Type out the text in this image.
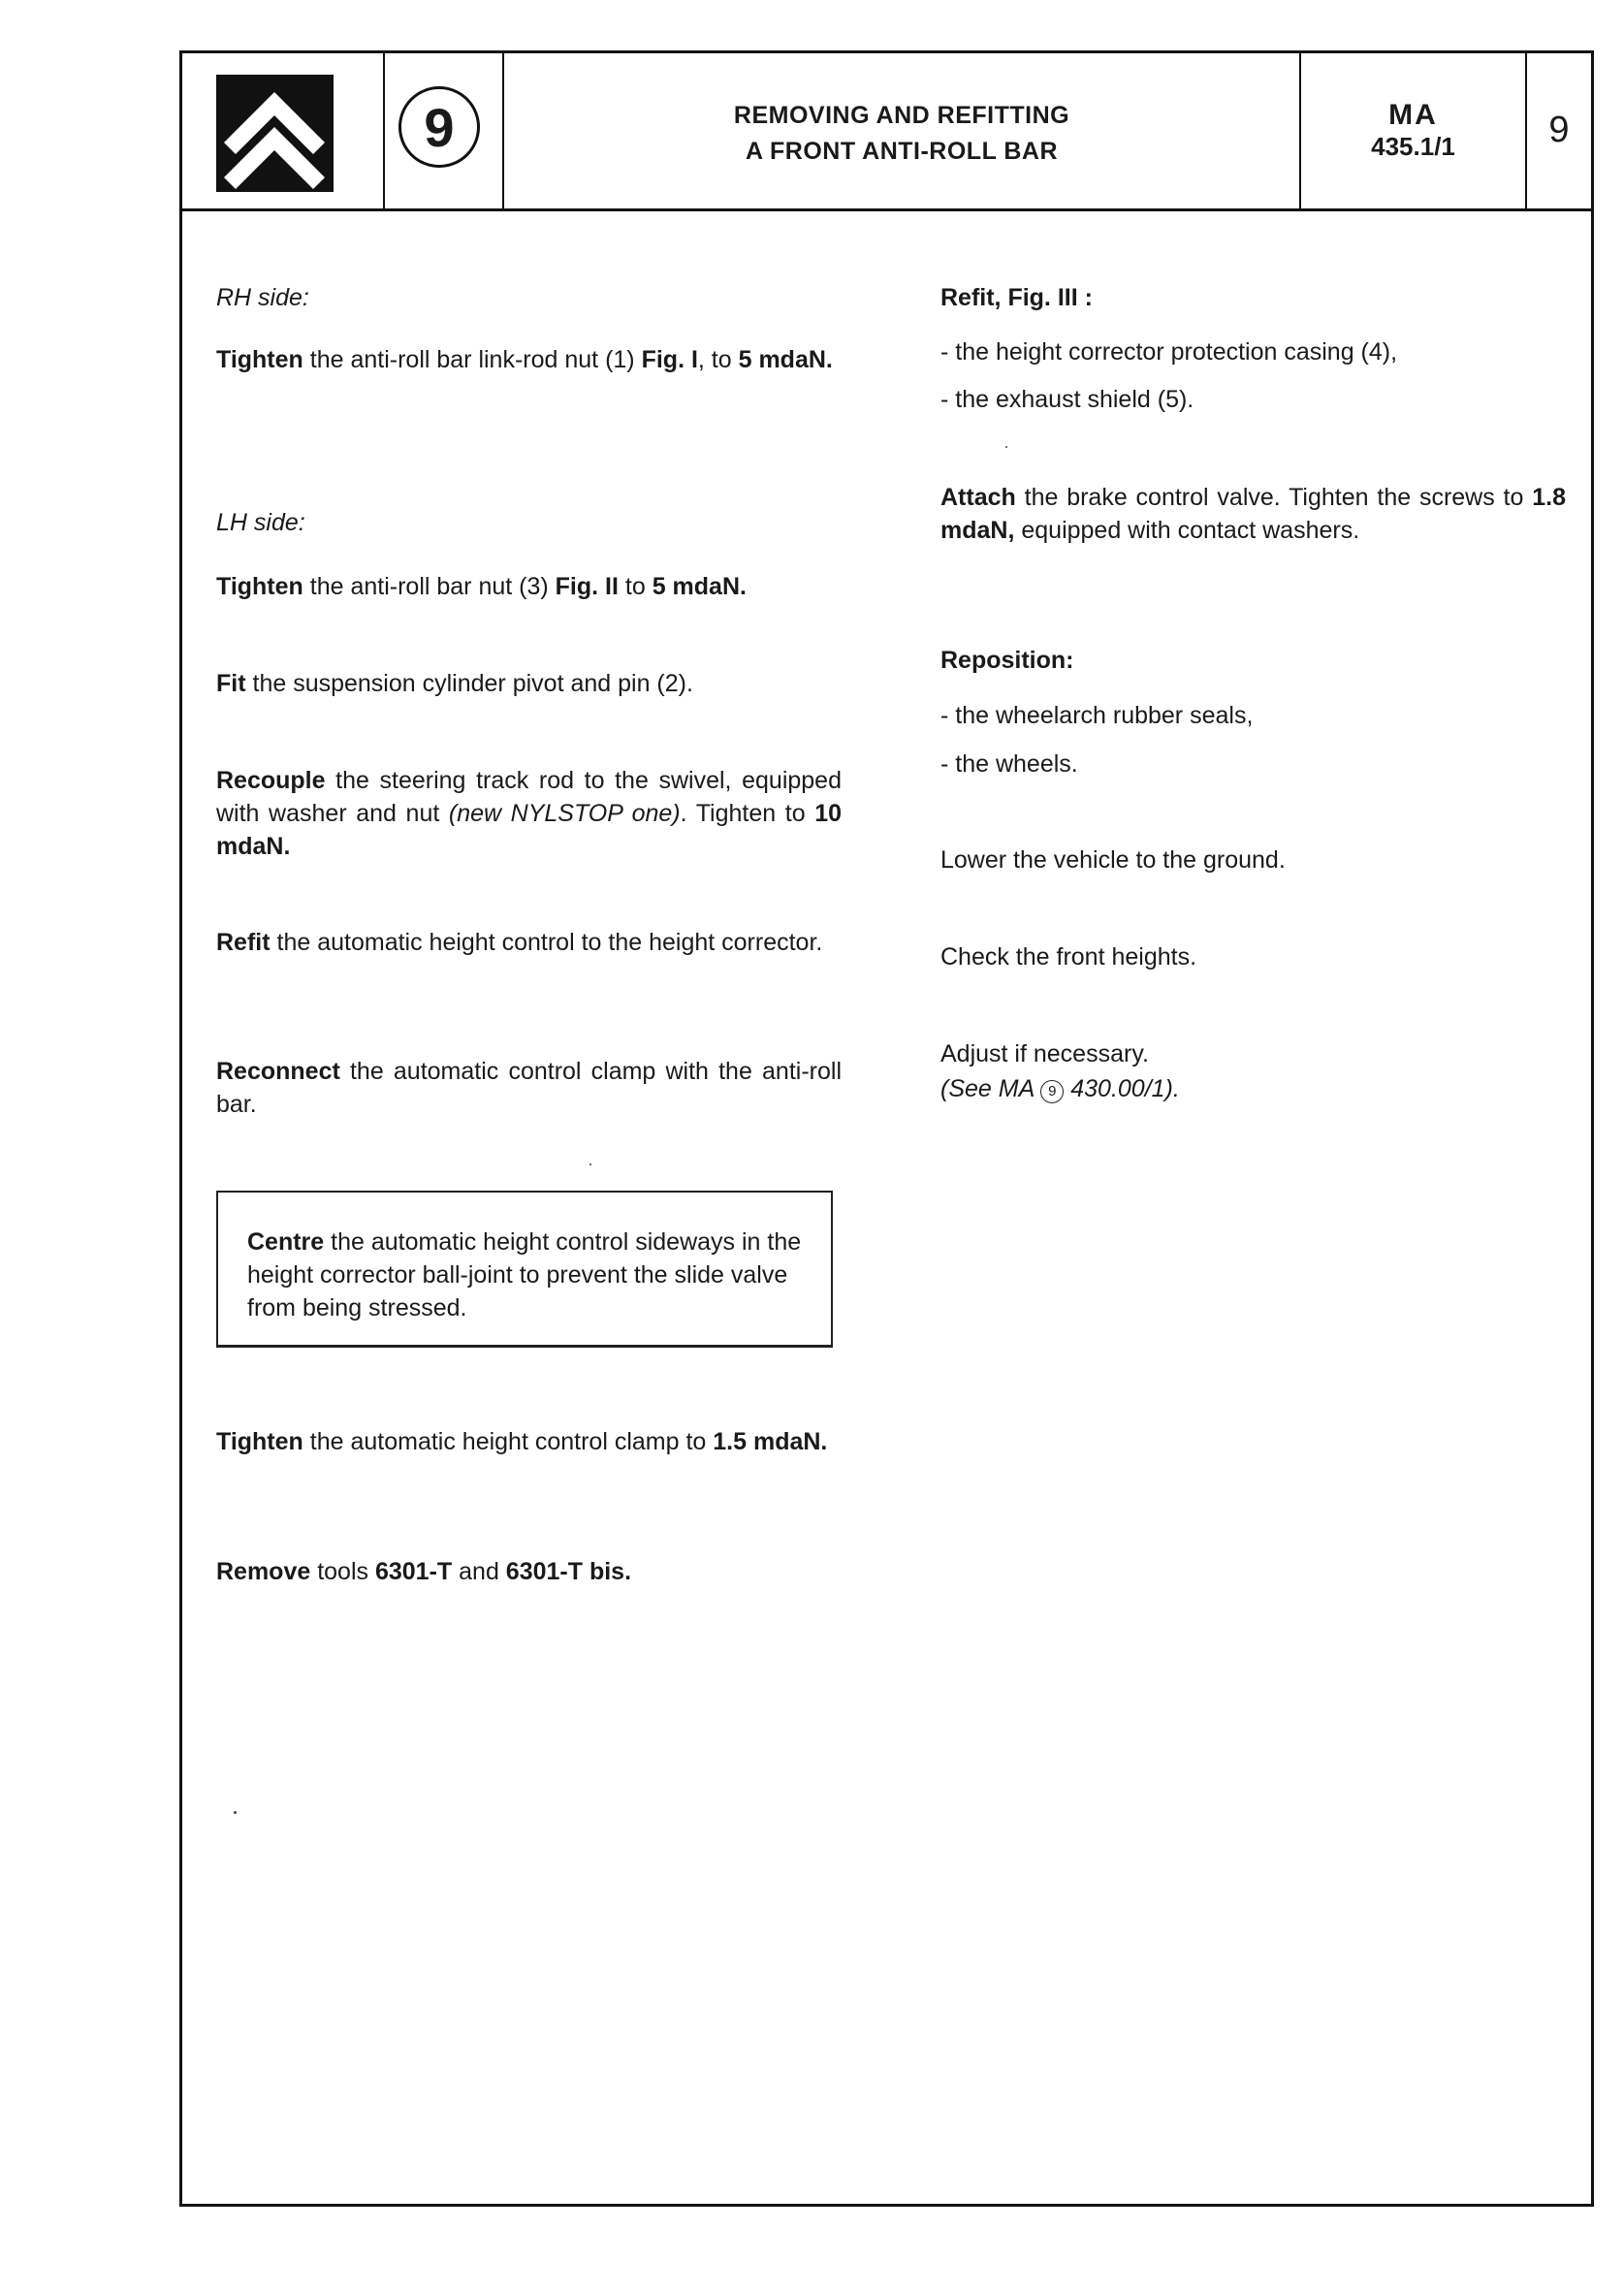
9	REMOVING AND REFITTING
A FRONT ANTI-ROLL BAR
MA
435.1/1	9

RH side:

Tighten the anti-roll bar link-rod nut (1) Fig. I, to 5 mdaN.

LH side:

Tighten the anti-roll bar nut (3) Fig. II to 5 mdaN.

Fit the suspension cylinder pivot and pin (2).

Recouple the steering track rod to the swivel, equipped with washer and nut (new NYLSTOP one). Tighten to 10 mdaN.

Refit the automatic height control to the height corrector.

Reconnect the automatic control clamp with the anti-roll bar.

Tighten the automatic height control clamp to 1.5 mdaN.

Remove tools 6301-T and 6301-T bis.

Centre the automatic height control sideways in the height corrector ball-joint to prevent the slide valve from being stressed.

Refit, Fig. III :

- the height corrector protection casing (4),

- the exhaust shield (5).

Attach the brake control valve. Tighten the screws to 1.8 mdaN, equipped with contact washers.

Reposition:

- the wheelarch rubber seals,

- the wheels.

Lower the vehicle to the ground.

Check the front heights.

Adjust if necessary.

(See MA 9 430.00/1).
